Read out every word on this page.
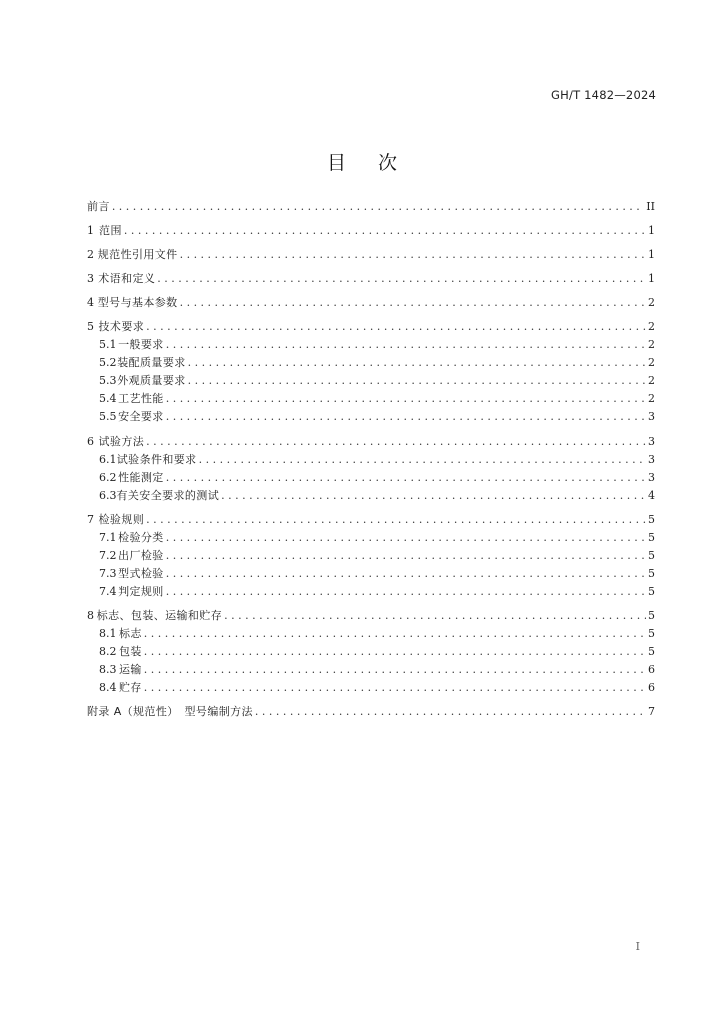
GH/T 1482—2024
目次
前言 . . .	II
1 范围 . . .	1
2 规范性引用文件 . . .	1
3 术语和定义 . . .	1
4 型号与基本参数 . . .	2
5 技术要求 . . .	2
5.1 一般要求 . . .	2
5.2 装配质量要求 . . .	2
5.3 外观质量要求 . . .	2
5.4 工艺性能 . . .	2
5.5 安全要求 . . .	3
6 试验方法 . . .	3
6.1 试验条件和要求 . . .	3
6.2 性能测定 . . .	3
6.3 有关安全要求的测试 . . .	4
7 检验规则 . . .	5
7.1 检验分类 . . .	5
7.2 出厂检验 . . .	5
7.3 型式检验 . . .	5
7.4 判定规则 . . .	5
8 标志、包装、运输和贮存 . . .	5
8.1 标志 . . .	5
8.2 包装 . . .	5
8.3 运输 . . .	6
8.4 贮存 . . .	6
附录 A（规范性）　型号编制方法 . . .	7
I
